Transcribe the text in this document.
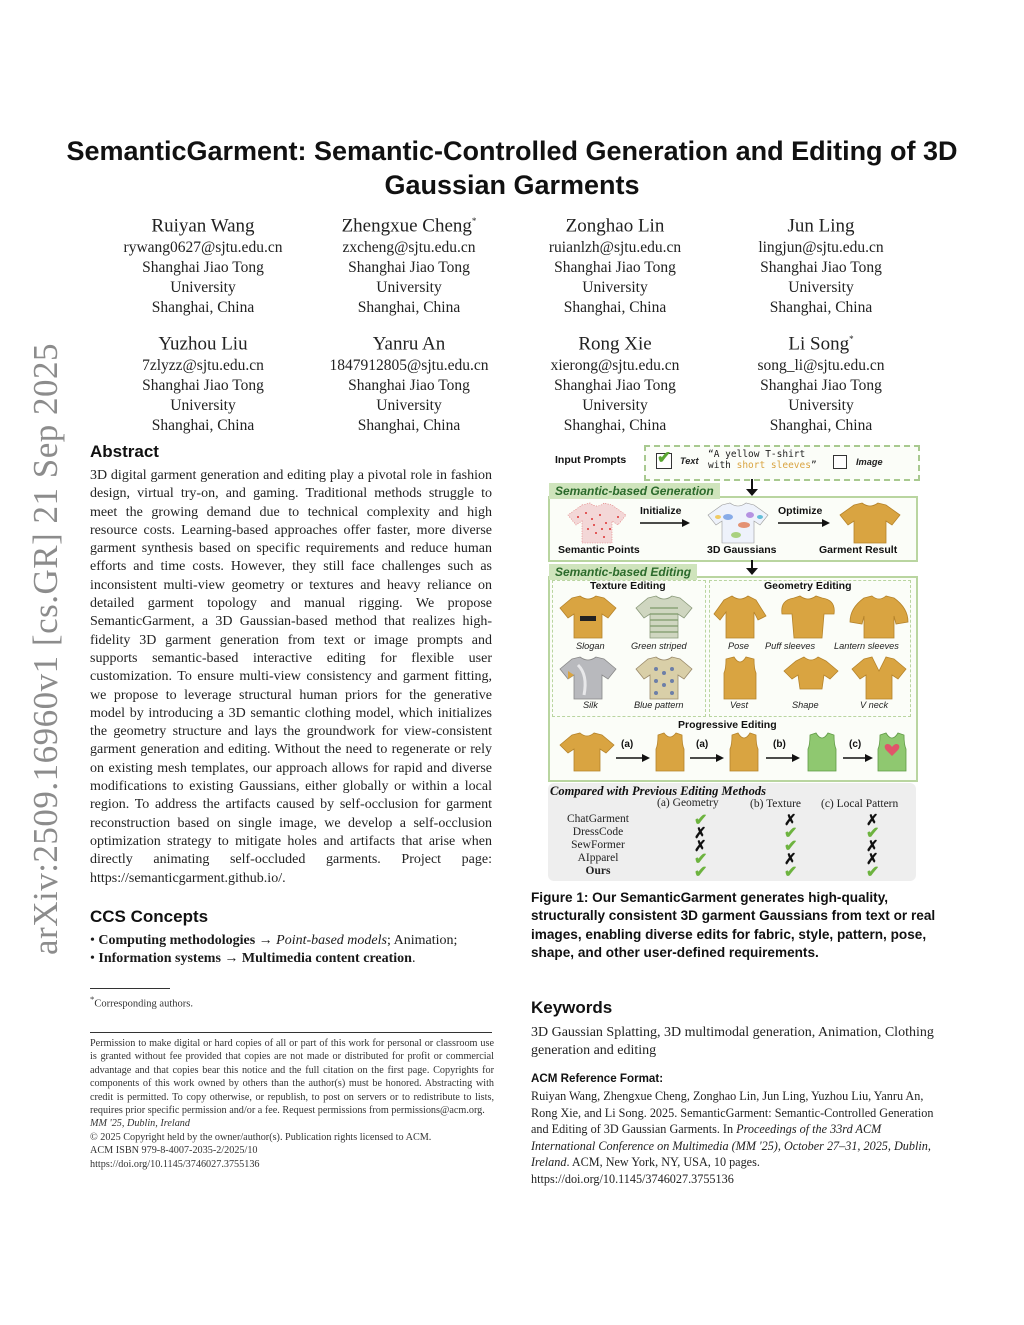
arXiv:2509.16960v1 [cs.GR] 21 Sep 2025
SemanticGarment: Semantic-Controlled Generation and Editing of 3D Gaussian Garments
Ruiyan Wang
rywang0627@sjtu.edu.cn
Shanghai Jiao Tong
University
Shanghai, China
Zhengxue Cheng*
zxcheng@sjtu.edu.cn
Shanghai Jiao Tong
University
Shanghai, China
Zonghao Lin
ruianlzh@sjtu.edu.cn
Shanghai Jiao Tong
University
Shanghai, China
Jun Ling
lingjun@sjtu.edu.cn
Shanghai Jiao Tong
University
Shanghai, China
Yuzhou Liu
7zlyzz@sjtu.edu.cn
Shanghai Jiao Tong
University
Shanghai, China
Yanru An
1847912805@sjtu.edu.cn
Shanghai Jiao Tong
University
Shanghai, China
Rong Xie
xierong@sjtu.edu.cn
Shanghai Jiao Tong
University
Shanghai, China
Li Song*
song_li@sjtu.edu.cn
Shanghai Jiao Tong
University
Shanghai, China
Abstract
3D digital garment generation and editing play a pivotal role in fashion design, virtual try-on, and gaming. Traditional methods struggle to meet the growing demand due to technical complexity and high resource costs. Learning-based approaches offer faster, more diverse garment synthesis based on specific requirements and reduce human efforts and time costs. However, they still face challenges such as inconsistent multi-view geometry or textures and heavy reliance on detailed garment topology and manual rigging. We propose SemanticGarment, a 3D Gaussian-based method that realizes high-fidelity 3D garment generation from text or image prompts and supports semantic-based interactive editing for flexible user customization. To ensure multi-view consistency and garment fitting, we propose to leverage structural human priors for the generative model by introducing a 3D semantic clothing model, which initializes the geometry structure and lays the groundwork for view-consistent garment generation and editing. Without the need to regenerate or rely on existing mesh templates, our approach allows for rapid and diverse modifications to existing Gaussians, either globally or within a local region. To address the artifacts caused by self-occlusion for garment reconstruction based on single image, we develop a self-occlusion optimization strategy to mitigate holes and artifacts that arise when directly animating self-occluded garments. Project page: https://semanticgarment.github.io/.
CCS Concepts
• Computing methodologies → Point-based models; Animation;
• Information systems → Multimedia content creation.
*Corresponding authors.
Permission to make digital or hard copies of all or part of this work for personal or classroom use is granted without fee provided that copies are not made or distributed for profit or commercial advantage and that copies bear this notice and the full citation on the first page. Copyrights for components of this work owned by others than the author(s) must be honored. Abstracting with credit is permitted. To copy otherwise, or republish, to post on servers or to redistribute to lists, requires prior specific permission and/or a fee. Request permissions from permissions@acm.org.
MM '25, Dublin, Ireland
© 2025 Copyright held by the owner/author(s). Publication rights licensed to ACM.
ACM ISBN 979-8-4007-2035-2/2025/10
https://doi.org/10.1145/3746027.3755136
Input Prompts ✔ Text
“A yellow T-shirt
with short sleeves”	Image
Semantic-based Generation
Initialize	Optimize
Semantic Points	3D Gaussians	Garment Result
Semantic-based Editing
Texture Editing	Geometry Editing
Slogan	Green striped
Silk	Blue pattern
Pose Puff sleeves Lantern sleeves
Vest	Shape	V neck
Progressive Editing
(a)	(a)	(b)	(c)
Compared with Previous Editing Methods
(a) Geometry	(b) Texture (c) Local Pattern
ChatGarment	✔	✗	✗
DressCode	✗	✔	✔
SewFormer	✗	✔	✗
AIpparel	✔	✗	✗
Ours	✔	✔	✔
Figure 1: Our SemanticGarment generates high-quality, structurally consistent 3D garment Gaussians from text or real images, enabling diverse edits for fabric, style, pattern, pose, shape, and other user-defined requirements.
Keywords
3D Gaussian Splatting, 3D multimodal generation, Animation, Clothing generation and editing
ACM Reference Format:
Ruiyan Wang, Zhengxue Cheng, Zonghao Lin, Jun Ling, Yuzhou Liu, Yanru An, Rong Xie, and Li Song. 2025. SemanticGarment: Semantic-Controlled Generation and Editing of 3D Gaussian Garments. In Proceedings of the 33rd ACM International Conference on Multimedia (MM '25), October 27–31, 2025, Dublin, Ireland. ACM, New York, NY, USA, 10 pages. https://doi.org/10.1145/3746027.3755136
